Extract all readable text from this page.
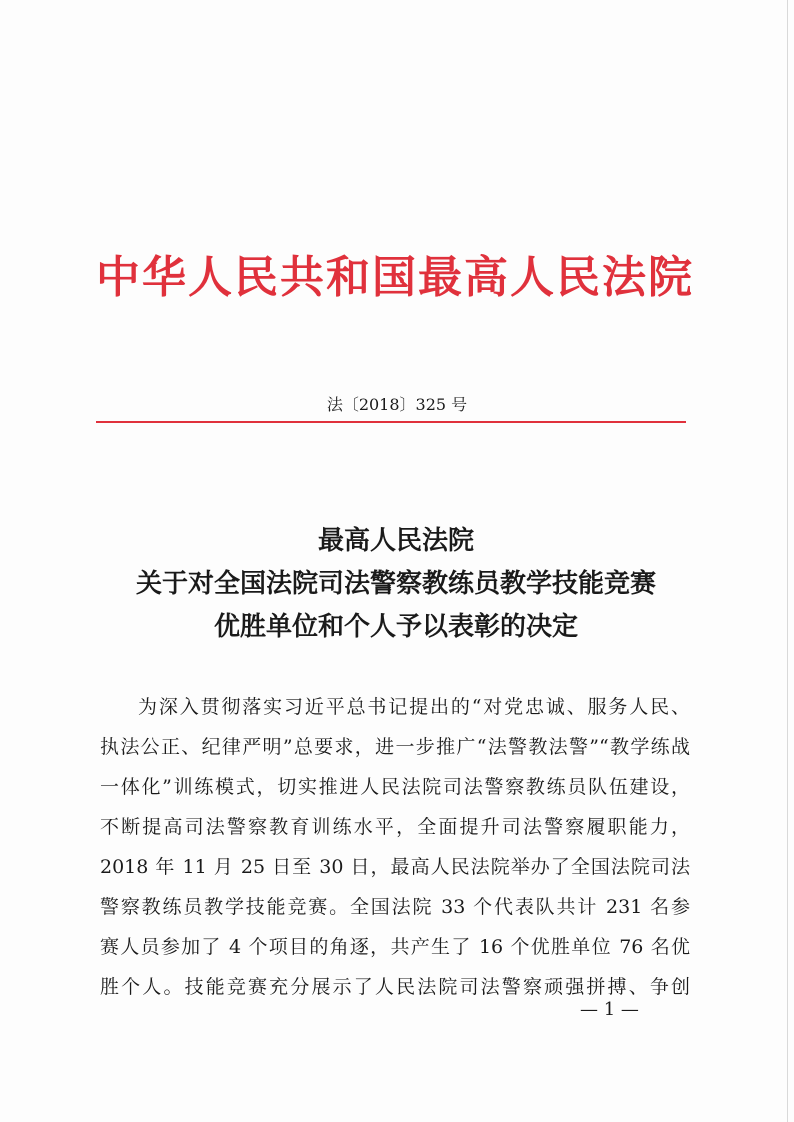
中华人民共和国最高人民法院
法〔2018〕325 号
最高人民法院
关于对全国法院司法警察教练员教学技能竞赛
优胜单位和个人予以表彰的决定
为深入贯彻落实习近平总书记提出的“对党忠诚、服务人民、
执法公正、纪律严明”总要求，进一步推广“法警教法警”“教学练战
一体化”训练模式，切实推进人民法院司法警察教练员队伍建设，
不断提高司法警察教育训练水平，全面提升司法警察履职能力，
2018 年 11 月 25 日至 30 日，最高人民法院举办了全国法院司法
警察教练员教学技能竞赛。全国法院 33 个代表队共计 231 名参
赛人员参加了 4 个项目的角逐，共产生了 16 个优胜单位 76 名优
胜个人。技能竞赛充分展示了人民法院司法警察顽强拼搏、争创
— 1 —
